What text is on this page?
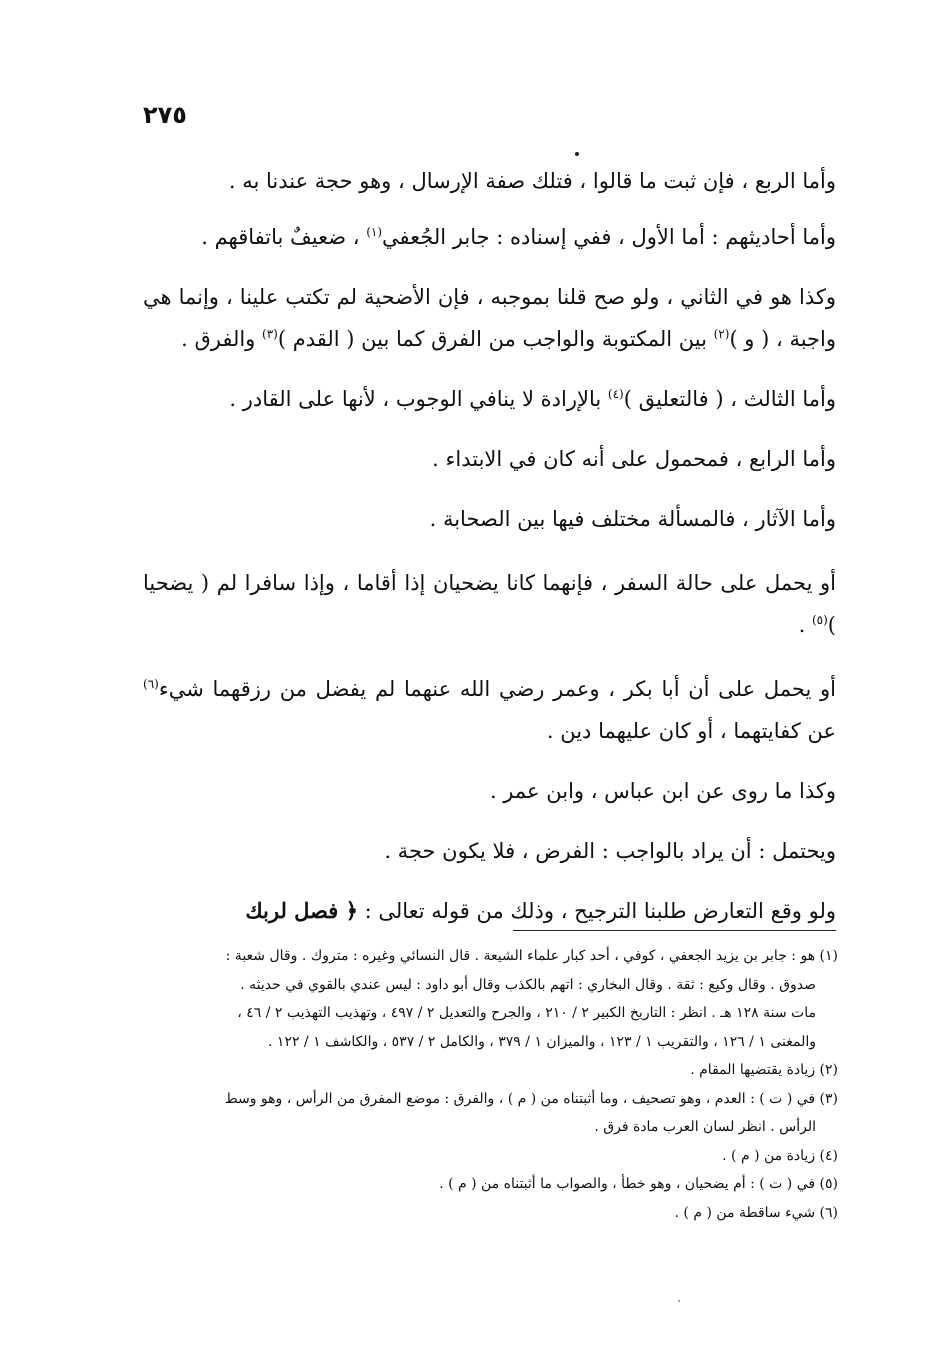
٢٧٥

وأما الربع ، فإن ثبت ما قالوا ، فتلك صفة الإرسال ، وهو حجة عندنا به .

وأما أحاديثهم : أما الأول ، ففي إسناده : جابر الجُعفي$^{(١)}$ ، ضعيفٌ باتفاقهم .

وكذا هو في الثاني ، ولو صح قلنا بموجبه ، فإن الأضحية لم تكتب علينا ، وإنما هي واجبة ، ( و )$^{(٢)}$ بين المكتوبة والواجب من الفرق كما بين ( القدم )$^{(٣)}$ والفرق .

وأما الثالث ، ( فالتعليق )$^{(٤)}$ بالإرادة لا ينافي الوجوب ، لأنها على القادر .

وأما الرابع ، فمحمول على أنه كان في الابتداء .

وأما الآثار ، فالمسألة مختلف فيها بين الصحابة .

أو يحمل على حالة السفر ، فإنهما كانا يضحيان إذا أقاما ، وإذا سافرا لم ( يضحيا )$^{(٥)}$ .

أو يحمل على أن أبا بكر ، وعمر رضي الله عنهما لم يفضل من رزقهما شيء$^{(٦)}$ عن كفايتهما ، أو كان عليهما دين .

وكذا ما روى عن ابن عباس ، وابن عمر .

ويحتمل : أن يراد بالواجب : الفرض ، فلا يكون حجة .

ولو وقع التعارض طلبنا الترجيح ، وذلك من قوله تعالى : ﴿ فصل لربك

(١) هو : جابر بن يزيد الجعفي ، كوفي ، أحد كبار علماء الشيعة . قال النسائي وغيره : متروك . وقال شعبة :

صدوق . وقال وكيع : ثقة . وقال البخاري : اتهم بالكذب وقال أبو داود : ليس عندي بالقوي في حديثه .

مات سنة ١٢٨ هـ . انظر : التاريخ الكبير ٢ / ٢١٠ ، والجرح والتعديل ٢ / ٤٩٧ ، وتهذيب التهذيب ٢ / ٤٦ ،

والمغنى ١ / ١٢٦ ، والتقريب ١ / ١٢٣ ، والميزان ١ / ٣٧٩ ، والكامل ٢ / ٥٣٧ ، والكاشف ١ / ١٢٢ .

(٢) زيادة يقتضيها المقام .

(٣) في ( ت ) : العدم ، وهو تصحيف ، وما أثبتناه من ( م ) ، والفرق : موضع المفرق من الرأس ، وهو وسط

الرأس . انظر لسان العرب مادة فرق .

(٤) زيادة من ( م ) .

(٥) في ( ت ) : أم يضحيان ، وهو خطأ ، والصواب ما أثبتناه من ( م ) .

(٦) شيء ساقطة من ( م ) .
